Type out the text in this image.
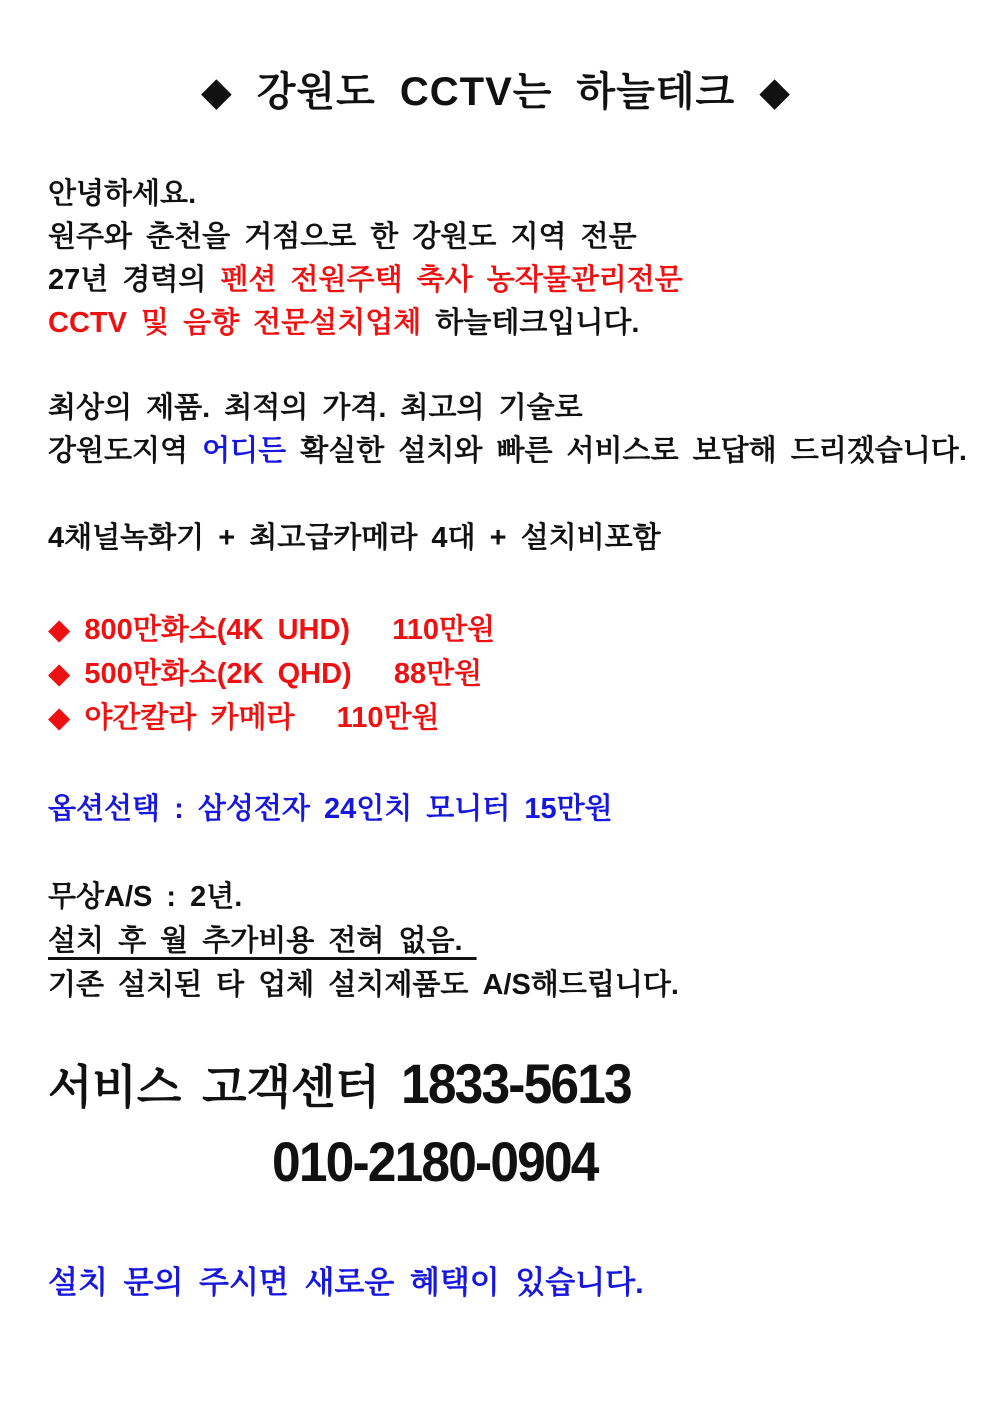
◆ 강원도 CCTV는 하늘테크 ◆

안녕하세요.

원주와 춘천을 거점으로 한 강원도 지역 전문

27년 경력의 펜션 전원주택 축사 농작물관리전문

CCTV 및 음향 전문설치업체 하늘테크입니다.

최상의 제품. 최적의 가격. 최고의 기술로

강원도지역 어디든 확실한 설치와 빠른 서비스로 보답해 드리겠습니다.

4채널녹화기 + 최고급카메라 4대 + 설치비포함

◆ 800만화소(4K UHD)   110만원

◆ 500만화소(2K QHD)   88만원

◆ 야간칼라 카메라   110만원

옵션선택 : 삼성전자 24인치 모니터 15만원

무상A/S : 2년.

설치 후 월 추가비용 전혀 없음.

기존 설치된 타 업체 설치제품도 A/S해드립니다.

서비스 고객센터 1833-5613

010-2180-0904

설치 문의 주시면 새로운 혜택이 있습니다.
